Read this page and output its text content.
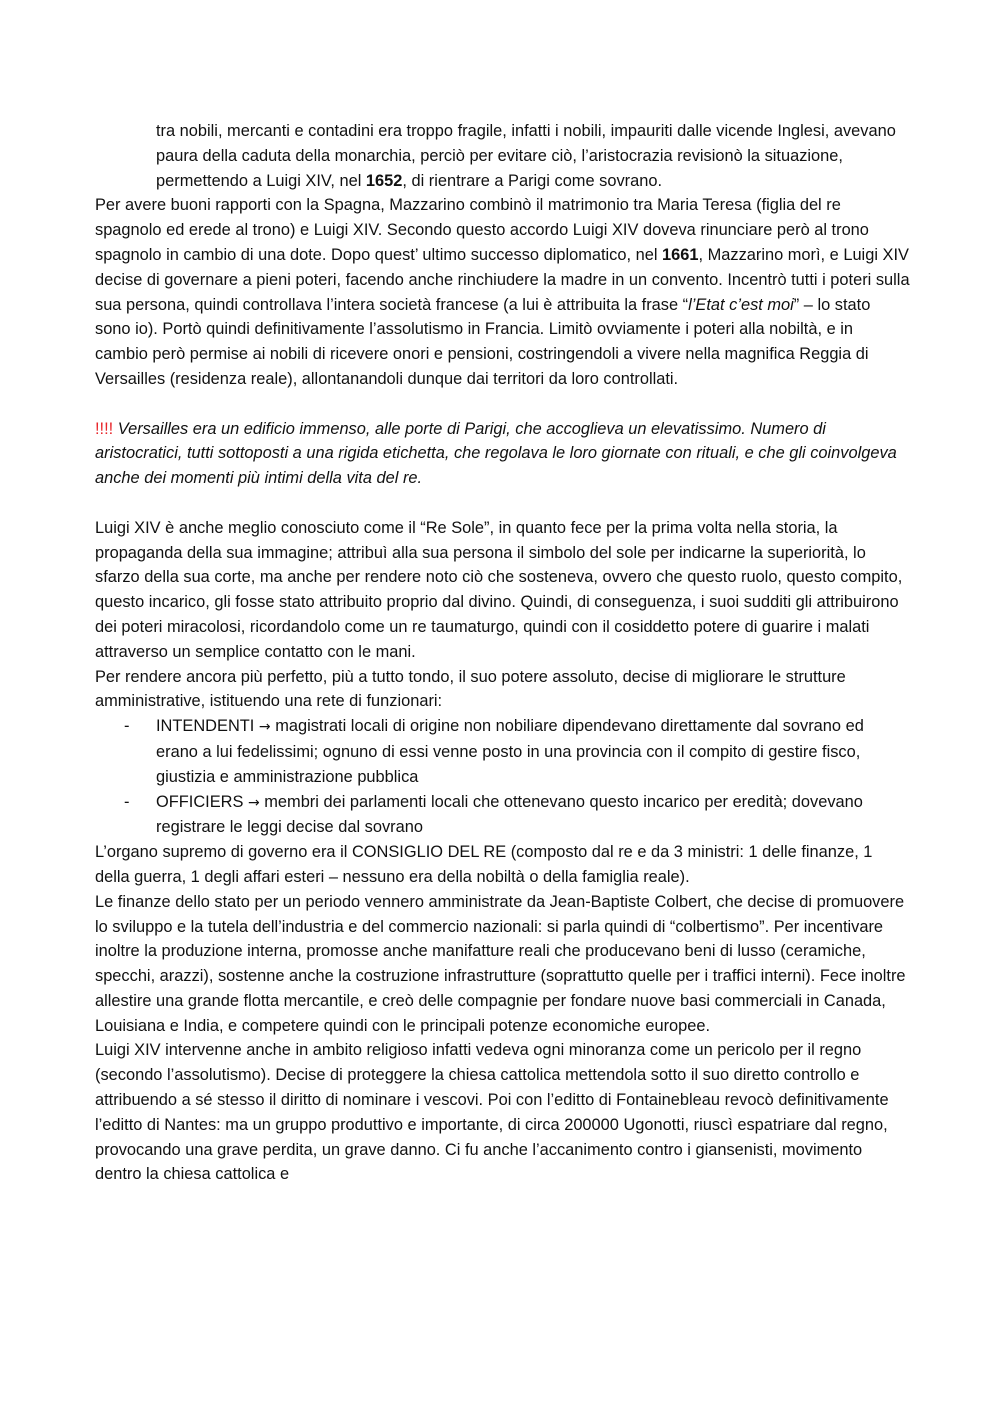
tra nobili, mercanti e contadini era troppo fragile, infatti i nobili, impauriti dalle vicende Inglesi, avevano paura della caduta della monarchia, perciò per evitare ciò, l’aristocrazia revisionò la situazione, permettendo a Luigi XIV, nel 1652, di rientrare a Parigi come sovrano.

Per avere buoni rapporti con la Spagna, Mazzarino combinò il matrimonio tra Maria Teresa (figlia del re spagnolo ed erede al trono) e Luigi XIV. Secondo questo accordo Luigi XIV doveva rinunciare però al trono spagnolo in cambio di una dote. Dopo quest’ ultimo successo diplomatico, nel 1661, Mazzarino morì, e Luigi XIV decise di governare a pieni poteri, facendo anche rinchiudere la madre in un convento. Incentrò tutti i poteri sulla sua persona, quindi controllava l’intera società francese (a lui è attribuita la frase “l’Etat c’est moi” – lo stato sono io). Portò quindi definitivamente l’assolutismo in Francia. Limitò ovviamente i poteri alla nobiltà, e in cambio però permise ai nobili di ricevere onori e pensioni, costringendoli a vivere nella magnifica Reggia di Versailles (residenza reale), allontanandoli dunque dai territori da loro controllati.

!!!! Versailles era un edificio immenso, alle porte di Parigi, che accoglieva un elevatissimo. Numero di aristocratici, tutti sottoposti a una rigida etichetta, che regolava le loro giornate con rituali, e che gli coinvolgeva anche dei momenti più intimi della vita del re.

Luigi XIV è anche meglio conosciuto come il “Re Sole”, in quanto fece per la prima volta nella storia, la propaganda della sua immagine; attribuì alla sua persona il simbolo del sole per indicarne la superiorità, lo sfarzo della sua corte, ma anche per rendere noto ciò che sosteneva, ovvero che questo ruolo, questo compito, questo incarico, gli fosse stato attribuito proprio dal divino. Quindi, di conseguenza, i suoi sudditi gli attribuirono dei poteri miracolosi, ricordandolo come un re taumaturgo, quindi con il cosiddetto potere di guarire i malati attraverso un semplice contatto con le mani.

Per rendere ancora più perfetto, più a tutto tondo, il suo potere assoluto, decise di migliorare le strutture amministrative, istituendo una rete di funzionari:

- INTENDENTI → magistrati locali di origine non nobiliare dipendevano direttamente dal sovrano ed erano a lui fedelissimi; ognuno di essi venne posto in una provincia con il compito di gestire fisco, giustizia e amministrazione pubblica

- OFFICIERS → membri dei parlamenti locali che ottenevano questo incarico per eredità; dovevano registrare le leggi decise dal sovrano

L’organo supremo di governo era il CONSIGLIO DEL RE (composto dal re e da 3 ministri: 1 delle finanze, 1 della guerra, 1 degli affari esteri – nessuno era della nobiltà o della famiglia reale).

Le finanze dello stato per un periodo vennero amministrate da Jean-Baptiste Colbert, che decise di promuovere lo sviluppo e la tutela dell’industria e del commercio nazionali: si parla quindi di “colbertismo”. Per incentivare inoltre la produzione interna, promosse anche manifatture reali che producevano beni di lusso (ceramiche, specchi, arazzi), sostenne anche la costruzione infrastrutture (soprattutto quelle per i traffici interni). Fece inoltre allestire una grande flotta mercantile, e creò delle compagnie per fondare nuove basi commerciali in Canada, Louisiana e India, e competere quindi con le principali potenze economiche europee.

Luigi XIV intervenne anche in ambito religioso infatti vedeva ogni minoranza come un pericolo per il regno (secondo l’assolutismo). Decise di proteggere la chiesa cattolica mettendola sotto il suo diretto controllo e attribuendo a sé stesso il diritto di nominare i vescovi. Poi con l’editto di Fontainebleau revocò definitivamente l’editto di Nantes: ma un gruppo produttivo e importante, di circa 200000 Ugonotti, riuscì espatriare dal regno, provocando una grave perdita, un grave danno. Ci fu anche l’accanimento contro i giansenisti, movimento dentro la chiesa cattolica e
